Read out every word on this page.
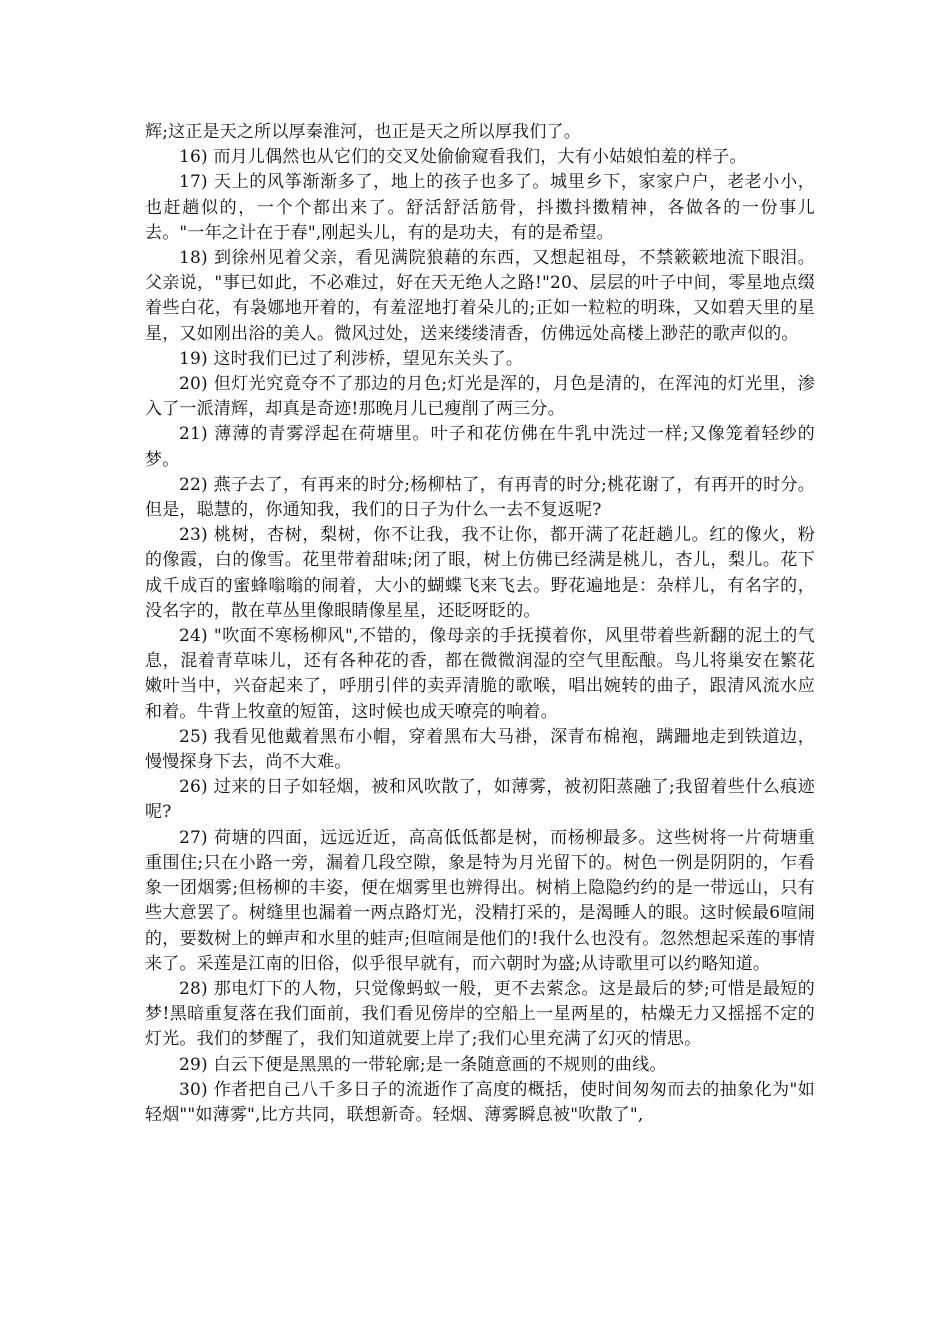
辉;这正是天之所以厚秦淮河，也正是天之所以厚我们了。

16) 而月儿偶然也从它们的交叉处偷偷窥看我们，大有小姑娘怕羞的样子。

17) 天上的风筝渐渐多了，地上的孩子也多了。城里乡下，家家户户，老老小小，也赶趟似的，一个个都出来了。舒活舒活筋骨，抖擞抖擞精神，各做各的一份事儿去。"一年之计在于春",刚起头儿，有的是功夫，有的是希望。

18) 到徐州见着父亲，看见满院狼藉的东西，又想起祖母，不禁簌簌地流下眼泪。父亲说，"事已如此，不必难过，好在天无绝人之路!"20、层层的叶子中间，零星地点缀着些白花，有袅娜地开着的，有羞涩地打着朵儿的;正如一粒粒的明珠，又如碧天里的星星，又如刚出浴的美人。微风过处，送来缕缕清香，仿佛远处高楼上渺茫的歌声似的。

19) 这时我们已过了利涉桥，望见东关头了。

20) 但灯光究竟夺不了那边的月色;灯光是浑的，月色是清的，在浑沌的灯光里，渗入了一派清辉，却真是奇迹!那晚月儿已瘦削了两三分。

21) 薄薄的青雾浮起在荷塘里。叶子和花仿佛在牛乳中洗过一样;又像笼着轻纱的梦。

22) 燕子去了，有再来的时分;杨柳枯了，有再青的时分;桃花谢了，有再开的时分。但是，聪慧的，你通知我，我们的日子为什么一去不复返呢?

23) 桃树，杏树，梨树，你不让我，我不让你，都开满了花赶趟儿。红的像火，粉的像霞，白的像雪。花里带着甜味;闭了眼，树上仿佛已经满是桃儿，杏儿，梨儿。花下成千成百的蜜蜂嗡嗡的闹着，大小的蝴蝶飞来飞去。野花遍地是：杂样儿，有名字的，没名字的，散在草丛里像眼睛像星星，还眨呀眨的。

24) "吹面不寒杨柳风",不错的，像母亲的手抚摸着你，风里带着些新翻的泥土的气息，混着青草味儿，还有各种花的香，都在微微润湿的空气里酝酿。鸟儿将巢安在繁花嫩叶当中，兴奋起来了，呼朋引伴的卖弄清脆的歌喉，唱出婉转的曲子，跟清风流水应和着。牛背上牧童的短笛，这时候也成天嘹亮的响着。

25) 我看见他戴着黑布小帽，穿着黑布大马褂，深青布棉袍，蹒跚地走到铁道边，慢慢探身下去，尚不大难。

26) 过来的日子如轻烟，被和风吹散了，如薄雾，被初阳蒸融了;我留着些什么痕迹呢?

27) 荷塘的四面，远远近近，高高低低都是树，而杨柳最多。这些树将一片荷塘重重围住;只在小路一旁，漏着几段空隙，象是特为月光留下的。树色一例是阴阴的，乍看象一团烟雾;但杨柳的丰姿，便在烟雾里也辨得出。树梢上隐隐约约的是一带远山，只有些大意罢了。树缝里也漏着一两点路灯光，没精打采的，是渴睡人的眼。这时候最6喧闹的，要数树上的蝉声和水里的蛙声;但喧闹是他们的!我什么也没有。忽然想起采莲的事情来了。采莲是江南的旧俗，似乎很早就有，而六朝时为盛;从诗歌里可以约略知道。

28) 那电灯下的人物，只觉像蚂蚁一般，更不去萦念。这是最后的梦;可惜是最短的梦!黑暗重复落在我们面前，我们看见傍岸的空船上一星两星的，枯燥无力又摇摇不定的灯光。我们的梦醒了，我们知道就要上岸了;我们心里充满了幻灭的情思。

29) 白云下便是黑黑的一带轮廓;是一条随意画的不规则的曲线。

30) 作者把自己八千多日子的流逝作了高度的概括，使时间匆匆而去的抽象化为"如轻烟""如薄雾",比方共同，联想新奇。轻烟、薄雾瞬息被"吹散了",
